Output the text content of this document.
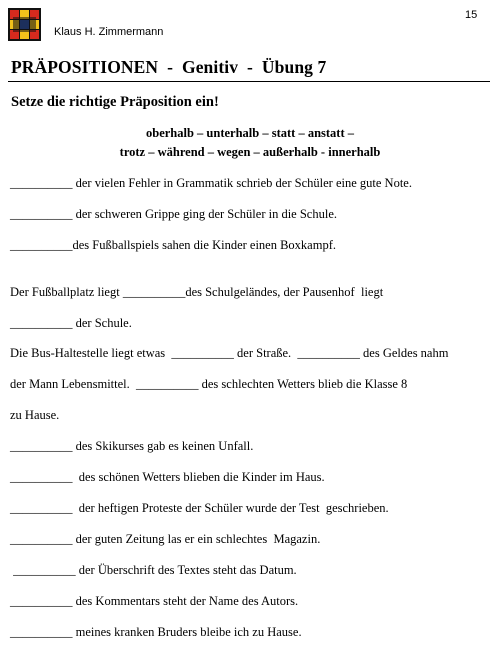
Klaus H. Zimmermann
15
PRÄPOSITIONEN  -  Genitiv  -  Übung 7
Setze die richtige Präposition ein!
oberhalb – unterhalb – statt – anstatt –
trotz – während – wegen – außerhalb - innerhalb
__________ der vielen Fehler in Grammatik schrieb der Schüler eine gute Note.
__________ der schweren Grippe ging der Schüler in die Schule.
__________des Fußballspiels sahen die Kinder einen Boxkampf.
Der Fußballplatz liegt __________des Schulgeländes, der Pausenhof  liegt
__________ der Schule.
Die Bus-Haltestelle liegt etwas  __________ der Straße.  __________ des Geldes nahm
der Mann Lebensmittel.  __________ des schlechten Wetters blieb die Klasse 8
zu Hause.
__________ des Skikurses gab es keinen Unfall.
__________  des schönen Wetters blieben die Kinder im Haus.
__________  der heftigen Proteste der Schüler wurde der Test  geschrieben.
__________ der guten Zeitung las er ein schlechtes  Magazin.
__________ der Überschrift des Textes steht das Datum.
__________ des Kommentars steht der Name des Autors.
__________ meines kranken Bruders bleibe ich zu Hause.
